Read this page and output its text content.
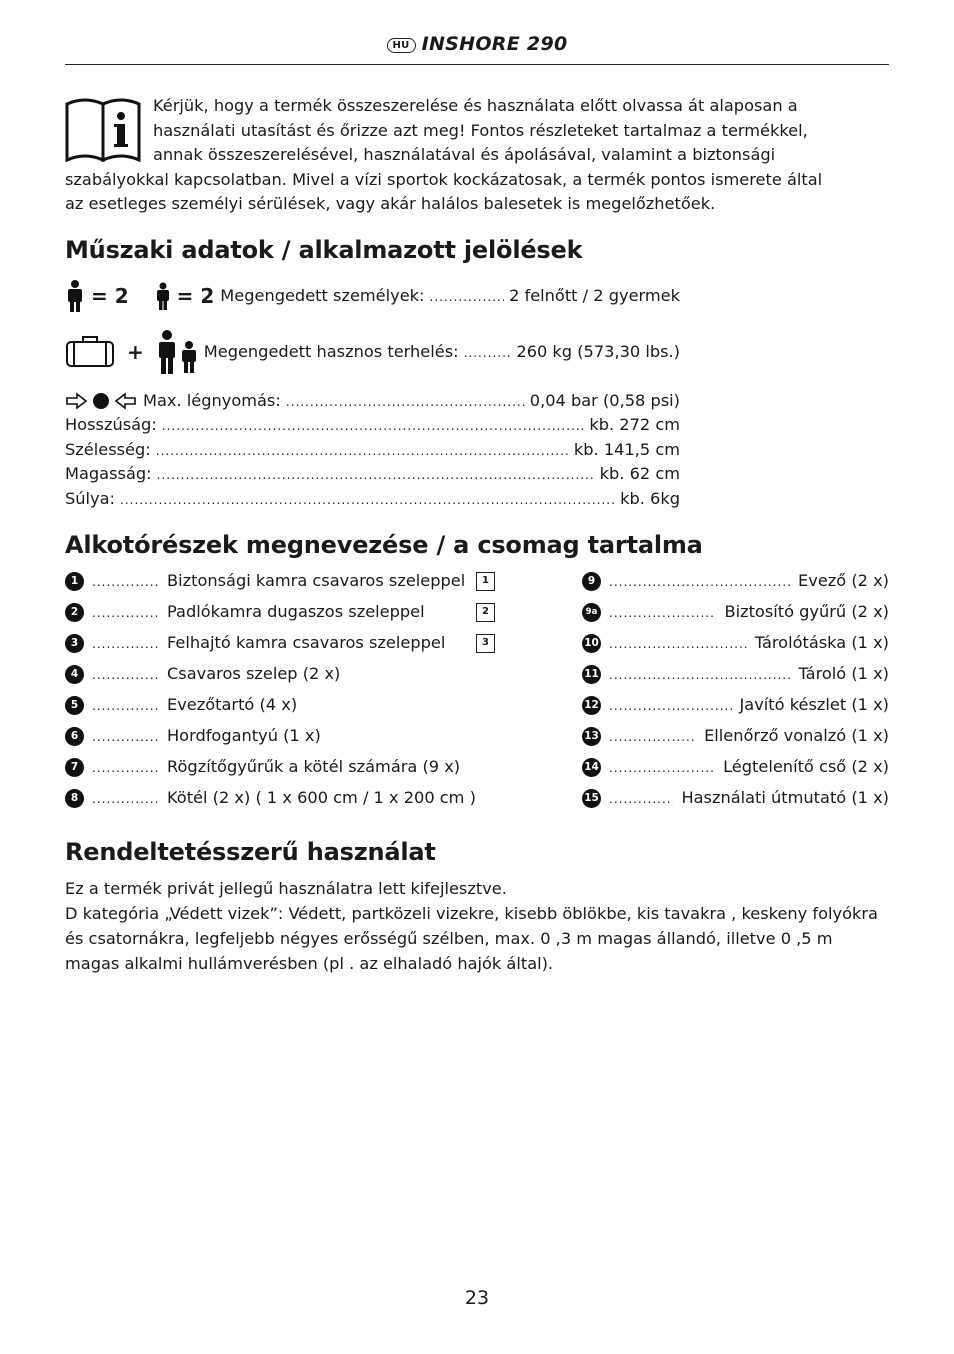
HU INSHORE 290
Kérjük, hogy a termék összeszerelése és használata előtt olvassa át alaposan a használati utasítást és őrizze azt meg! Fontos részleteket tartalmaz a termékkel, annak összeszerelésével, használatával és ápolásával, valamint a biztonsági szabályokkal kapcsolatban. Mivel a vízi sportok kockázatosak, a termék pontos ismerete által az esetleges személyi sérülések, vagy akár halálos balesetek is megelőzhetőek.
Műszaki adatok / alkalmazott jelölések
= 2 = 2 Megengedett személyek: .....	2 felnőtt / 2 gyermek
+	Megengedett hasznos terhelés: .....	260 kg (573,30 lbs.)
Max. légnyomás: .....	0,04 bar (0,58 psi)
Hosszúság: .....	kb. 272 cm
Szélesség: .....	kb. 141,5 cm
Magasság: .....	kb. 62 cm
Súlya: .....	kb. 6kg
Alkotórészek megnevezése / a csomag tartalma
1 .....	Biztonsági kamra csavaros szeleppel	1
2 .....	Padlókamra dugaszos szeleppel	2
3 .....	Felhajtó kamra csavaros szeleppel	3
4 .....	Csavaros szelep (2 x)
5 .....	Evezőtartó (4 x)
6 .....	Hordfogantyú (1 x)
7 .....	Rögzítőgyűrűk a kötél számára (9 x)
8 .....	Kötél (2 x) ( 1 x 600 cm / 1 x 200 cm )
9 .....	Evező (2 x)
9a .....	Biztosító gyűrű (2 x)
10 .....	Tárolótáska (1 x)
11 .....	Tároló (1 x)
12 .....	Javító készlet (1 x)
13 .....	Ellenőrző vonalzó (1 x)
14 .....	Légtelenítő cső (2 x)
15 .....	Használati útmutató (1 x)
Rendeltetésszerű használat

Ez a termék privát jellegű használatra lett kifejlesztve.

D kategória „Védett vizek”: Védett, partközeli vizekre, kisebb öblökbe, kis tavakra , keskeny folyókra és csatornákra, legfeljebb négyes erősségű szélben, max. 0 ,3 m magas állandó, illetve 0 ,5 m magas alkalmi hullámverésben (pl . az elhaladó hajók által).

23
